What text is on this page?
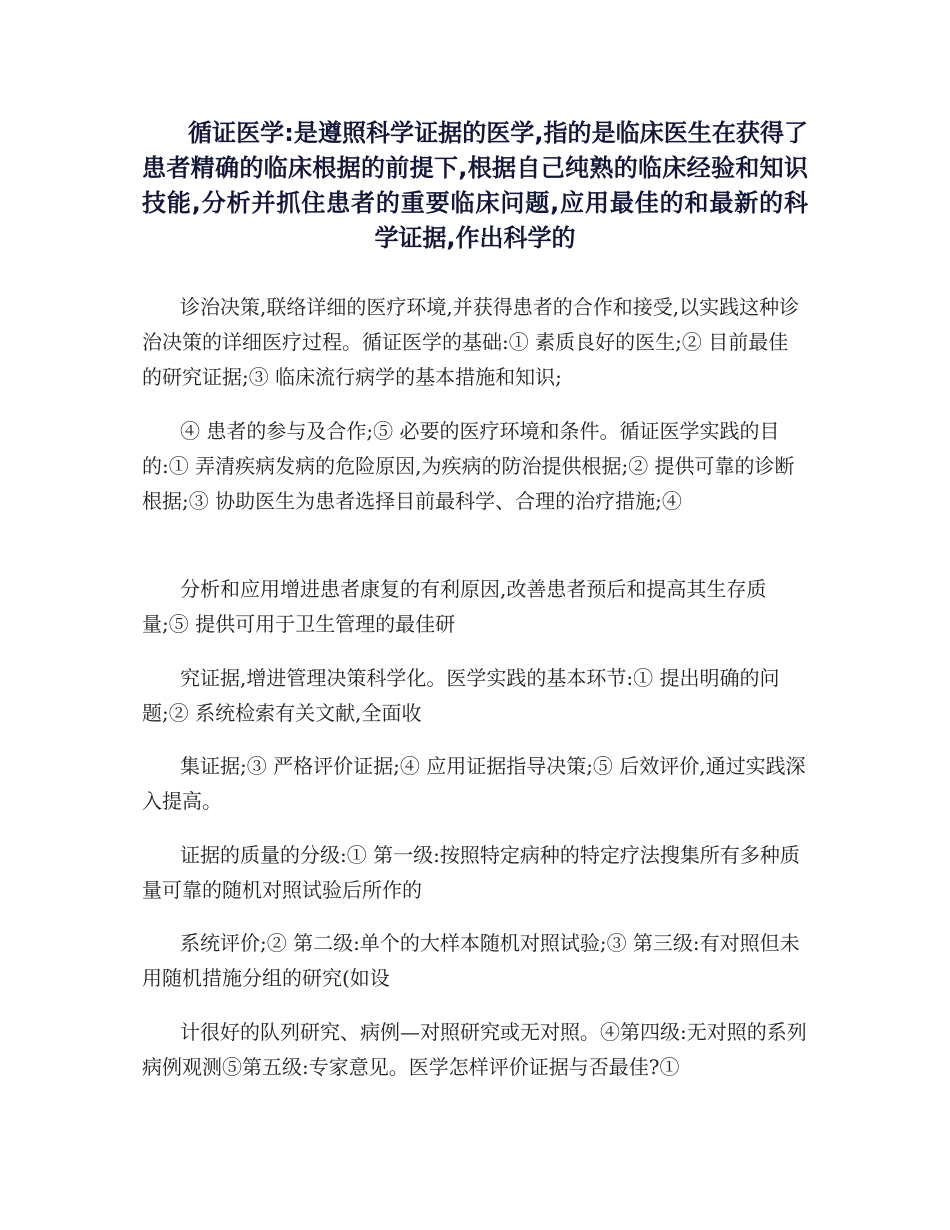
循证医学:是遵照科学证据的医学,指的是临床医生在获得了患者精确的临床根据的前提下,根据自己纯熟的临床经验和知识技能,分析并抓住患者的重要临床问题,应用最佳的和最新的科学证据,作出科学的

诊治决策,联络详细的医疗环境,并获得患者的合作和接受,以实践这种诊治决策的详细医疗过程。循证医学的基础:① 素质良好的医生;② 目前最佳的研究证据;③ 临床流行病学的基本措施和知识;

④ 患者的参与及合作;⑤ 必要的医疗环境和条件。循证医学实践的目的:① 弄清疾病发病的危险原因,为疾病的防治提供根据;② 提供可靠的诊断根据;③ 协助医生为患者选择目前最科学、合理的治疗措施;④

分析和应用增进患者康复的有利原因,改善患者预后和提高其生存质量;⑤ 提供可用于卫生管理的最佳研

究证据,增进管理决策科学化。医学实践的基本环节:① 提出明确的问题;② 系统检索有关文献,全面收

集证据;③ 严格评价证据;④ 应用证据指导决策;⑤ 后效评价,通过实践深入提高。

证据的质量的分级:① 第一级:按照特定病种的特定疗法搜集所有多种质量可靠的随机对照试验后所作的

系统评价;② 第二级:单个的大样本随机对照试验;③ 第三级:有对照但未用随机措施分组的研究(如设

计很好的队列研究、病例—对照研究或无对照。④第四级:无对照的系列病例观测⑤第五级:专家意见。医学怎样评价证据与否最佳?①
